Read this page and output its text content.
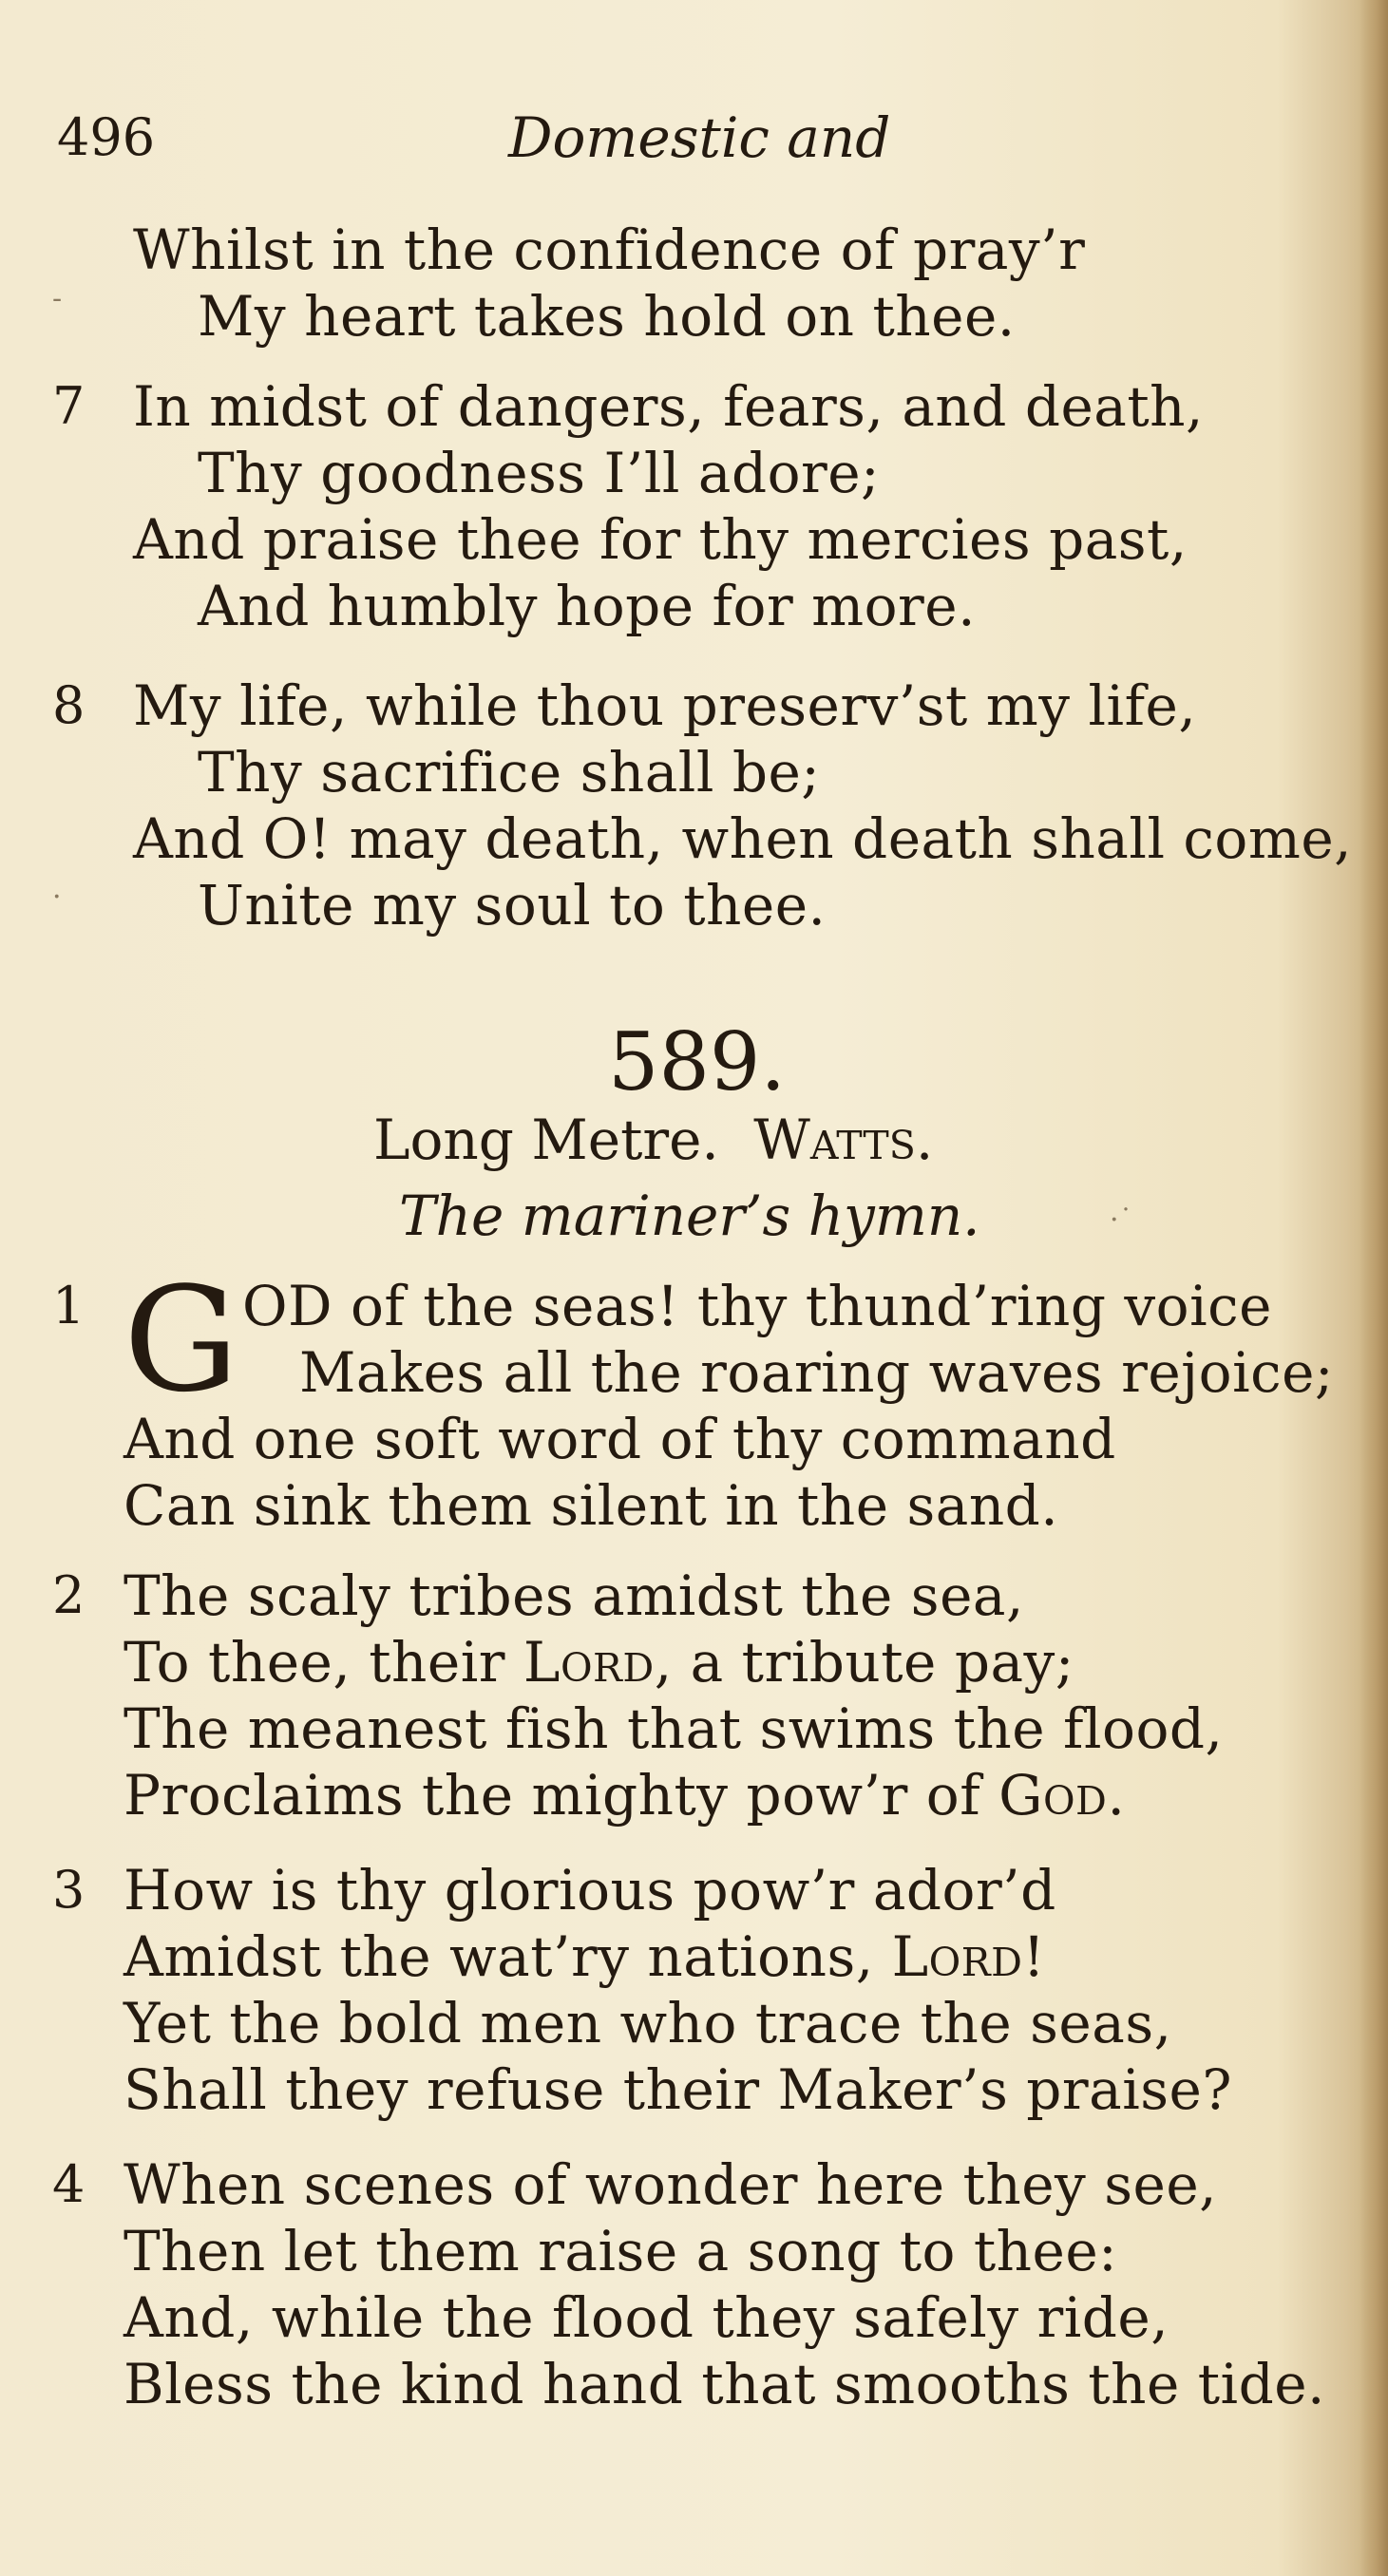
496	Domestic and
Whilst in the confidence of pray’r
My heart takes hold on thee.
7 In midst of dangers, fears, and death,
Thy goodness I’ll adore;
And praise thee for thy mercies past,
And humbly hope for more.
8 My life, while thou preserv’st my life,
Thy sacrifice shall be;
And O! may death, when death shall come,
Unite my soul to thee.
589.
Long Metre. Watts.
The mariner’s hymn.
1 G OD of the seas! thy thund’ring voice
Makes all the roaring waves rejoice;
And one soft word of thy command
Can sink them silent in the sand.
2 The scaly tribes amidst the sea,
To thee, their Lord, a tribute pay;
The meanest fish that swims the flood,
Proclaims the mighty pow’r of God.
3 How is thy glorious pow’r ador’d
Amidst the wat’ry nations, Lord!
Yet the bold men who trace the seas,
Shall they refuse their Maker’s praise?
4 When scenes of wonder here they see,
Then let them raise a song to thee:
And, while the flood they safely ride,
Bless the kind hand that smooths the tide.
-
·
·˙
